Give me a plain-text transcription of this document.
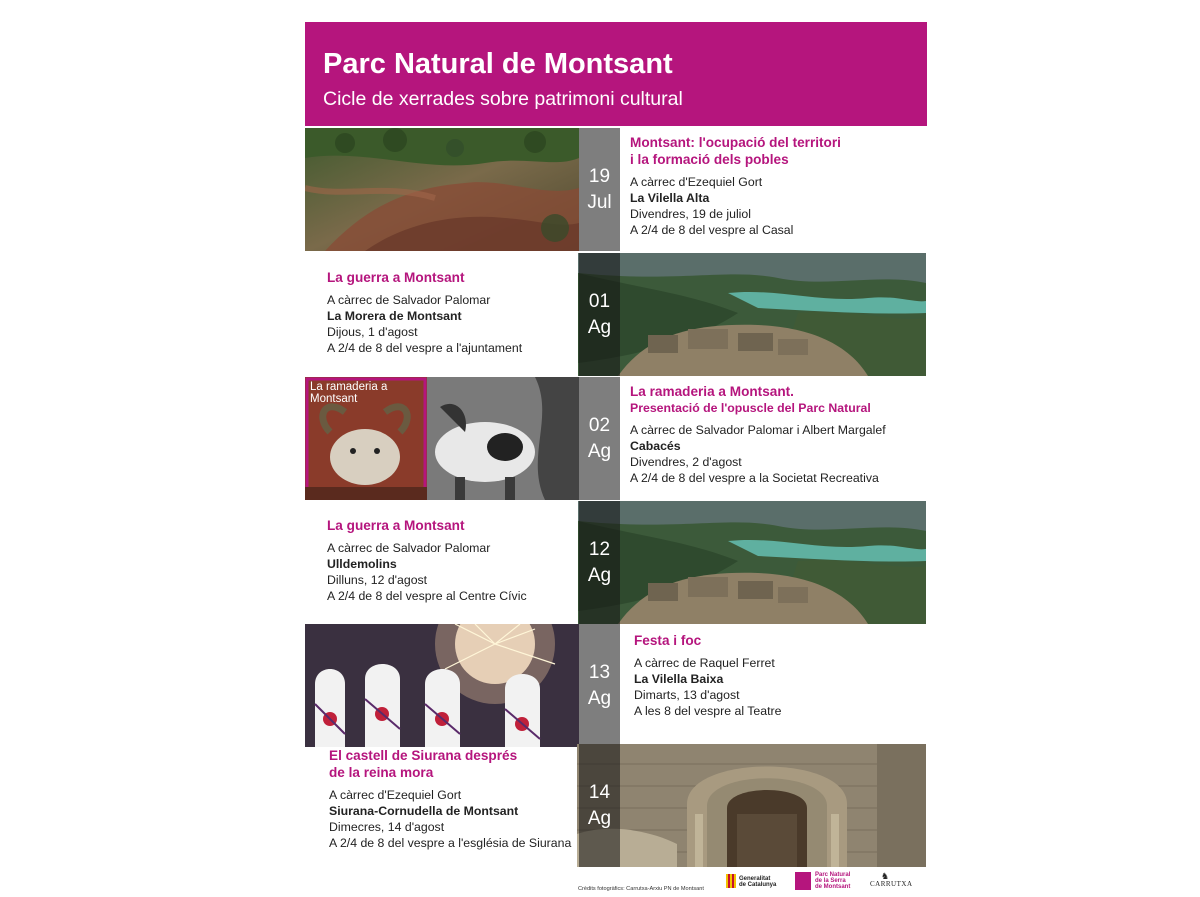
Parc Natural de Montsant
Cicle de xerrades sobre patrimoni cultural
19
Jul
Montsant: l'ocupació del territori
i la formació dels pobles
A càrrec d'Ezequiel Gort
La Vilella Alta
Divendres, 19 de juliol
A 2/4 de 8 del vespre al Casal
La guerra a Montsant
A càrrec de Salvador Palomar
La Morera de Montsant
Dijous, 1 d'agost
A 2/4 de 8 del vespre a l'ajuntament
01
Ag
La ramaderia a Montsant
02
Ag
La ramaderia a Montsant.
Presentació de l'opuscle del Parc Natural
A càrrec de Salvador Palomar i Albert Margalef
Cabacés
Divendres, 2 d'agost
A 2/4 de 8 del vespre a la Societat Recreativa
La guerra a Montsant
A càrrec de Salvador Palomar
Ulldemolins
Dilluns, 12 d'agost
A 2/4 de 8 del vespre al Centre Cívic
12
Ag
13
Ag
Festa i foc
A càrrec de Raquel Ferret
La Vilella Baixa
Dimarts, 13 d'agost
A les 8 del vespre al Teatre
El castell de Siurana després
de la reina mora
A càrrec d'Ezequiel Gort
Siurana-Cornudella de Montsant
Dimecres, 14 d'agost
A 2/4 de 8 del vespre a l'església de Siurana
14
Ag
Crèdits fotogràfics: Carrutxa-Arxiu PN de Montsant
Generalitat
de Catalunya
Parc Natural
de la Serra
de Montsant
♞
CARRUTXA
